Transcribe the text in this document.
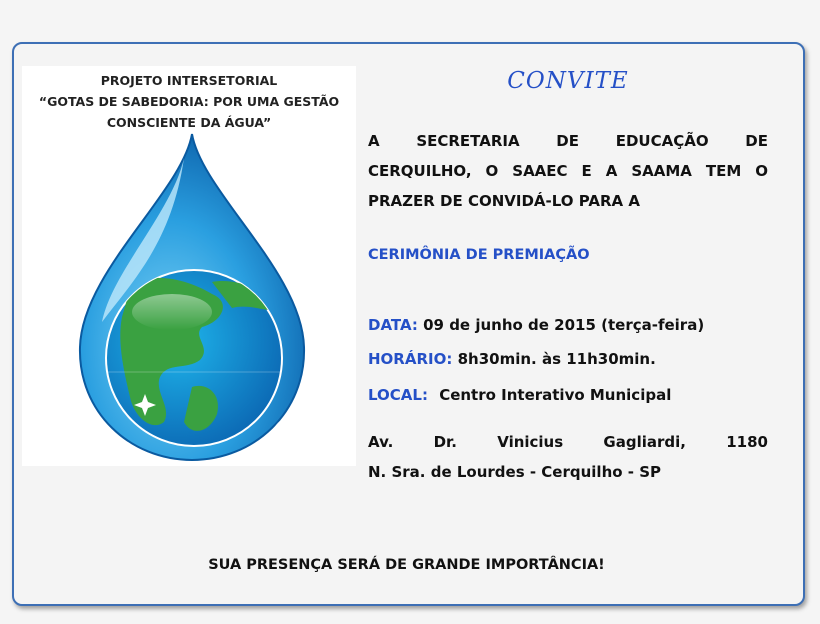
PROJETO INTERSETORIAL
“GOTAS DE SABEDORIA: POR UMA GESTÃO
CONSCIENTE DA ÁGUA”
CONVITE
A SECRETARIA DE EDUCAÇÃO DE
CERQUILHO, O SAAEC E A SAAMA TEM O
PRAZER DE CONVIDÁ-LO PARA A
CERIMÔNIA DE PREMIAÇÃO
DATA: 09 de junho de 2015 (terça-feira)
HORÁRIO: 8h30min. às 11h30min.
LOCAL: Centro Interativo Municipal
Av.	Dr.	Vinicius	Gagliardi,	1180
N. Sra. de Lourdes - Cerquilho - SP
SUA PRESENÇA SERÁ DE GRANDE IMPORTÂNCIA!
